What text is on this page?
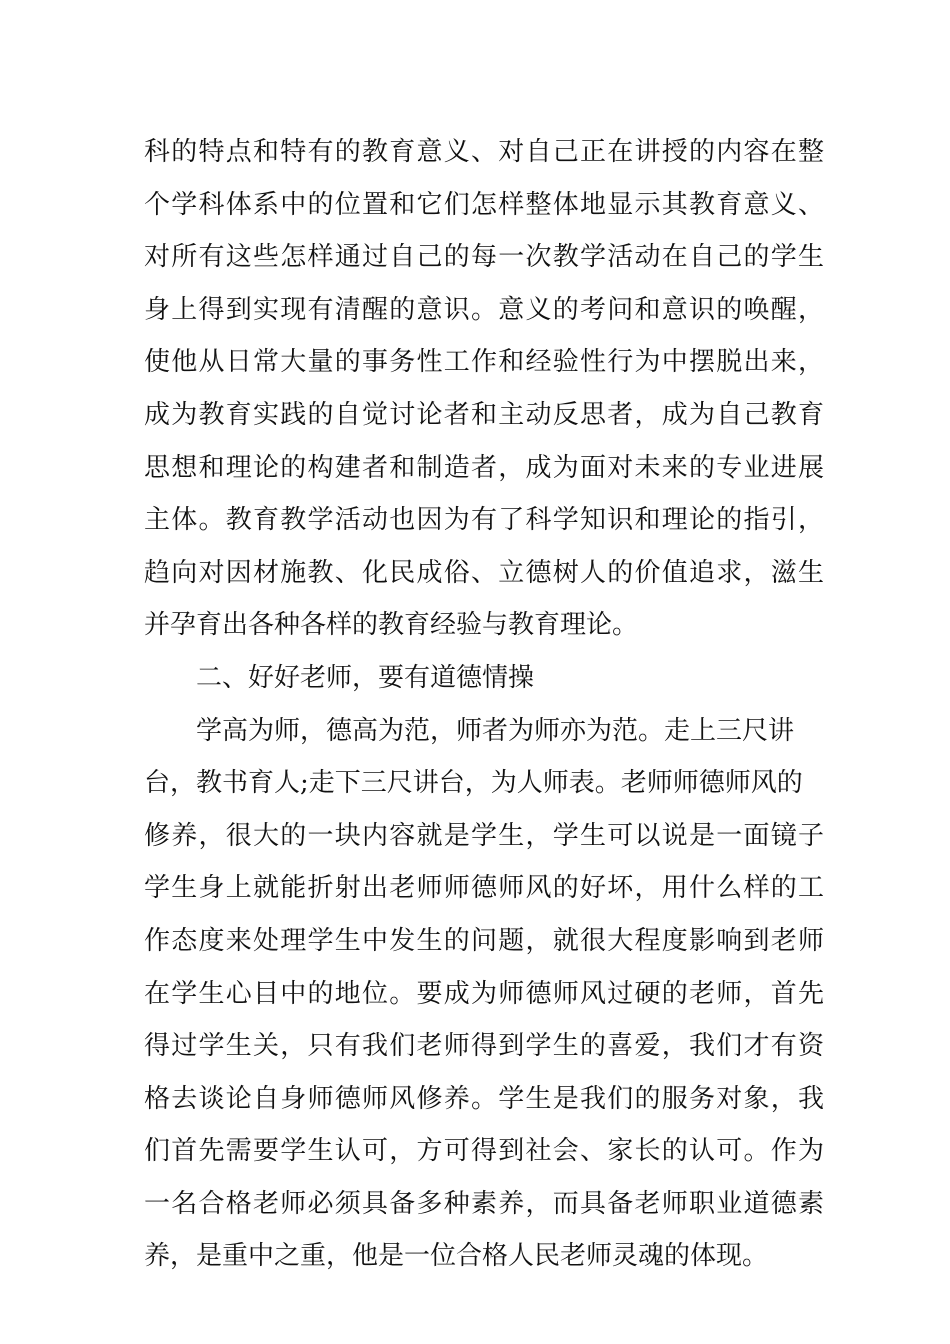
科的特点和特有的教育意义、对自己正在讲授的内容在整
个学科体系中的位置和它们怎样整体地显示其教育意义、
对所有这些怎样通过自己的每一次教学活动在自己的学生
身上得到实现有清醒的意识。意义的考问和意识的唤醒，
使他从日常大量的事务性工作和经验性行为中摆脱出来，
成为教育实践的自觉讨论者和主动反思者，成为自己教育
思想和理论的构建者和制造者，成为面对未来的专业进展
主体。教育教学活动也因为有了科学知识和理论的指引，
趋向对因材施教、化民成俗、立德树人的价值追求，滋生
并孕育出各种各样的教育经验与教育理论。
二、好好老师，要有道德情操
学高为师，德高为范，师者为师亦为范。走上三尺讲
台，教书育人;走下三尺讲台，为人师表。老师师德师风的
修养，很大的一块内容就是学生，学生可以说是一面镜子
学生身上就能折射出老师师德师风的好坏，用什么样的工
作态度来处理学生中发生的问题，就很大程度影响到老师
在学生心目中的地位。要成为师德师风过硬的老师，首先
得过学生关，只有我们老师得到学生的喜爱，我们才有资
格去谈论自身师德师风修养。学生是我们的服务对象，我
们首先需要学生认可，方可得到社会、家长的认可。作为
一名合格老师必须具备多种素养，而具备老师职业道德素
养，是重中之重，他是一位合格人民老师灵魂的体现。
